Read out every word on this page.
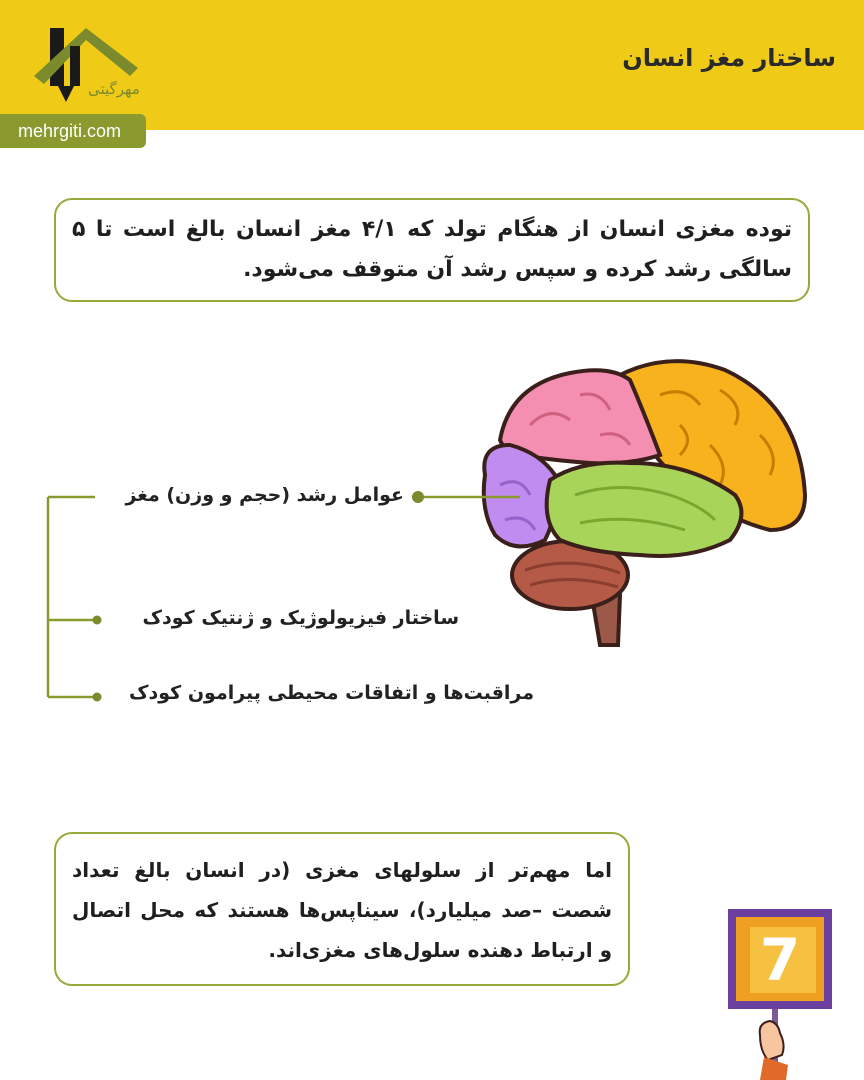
مهرگیتی
ساختار مغز انسان
mehrgiti.com
توده مغزی انسان از هنگام تولد که ۴/۱ مغز انسان بالغ است تا ۵ سالگی رشد کرده و سپس رشد آن متوقف می‌شود.
عوامل رشد (حجم و وزن) مغز
ساختار فیزیولوژیک و ژنتیک کودک
مراقبت‌ها و اتفاقات محیطی پیرامون کودک
اما مهم‌تر از سلولهای مغزی (در انسان بالغ تعداد شصت –صد میلیارد)، سیناپس‌ها هستند که محل اتصال و ارتباط دهنده سلول‌های مغزی‌اند.	7
